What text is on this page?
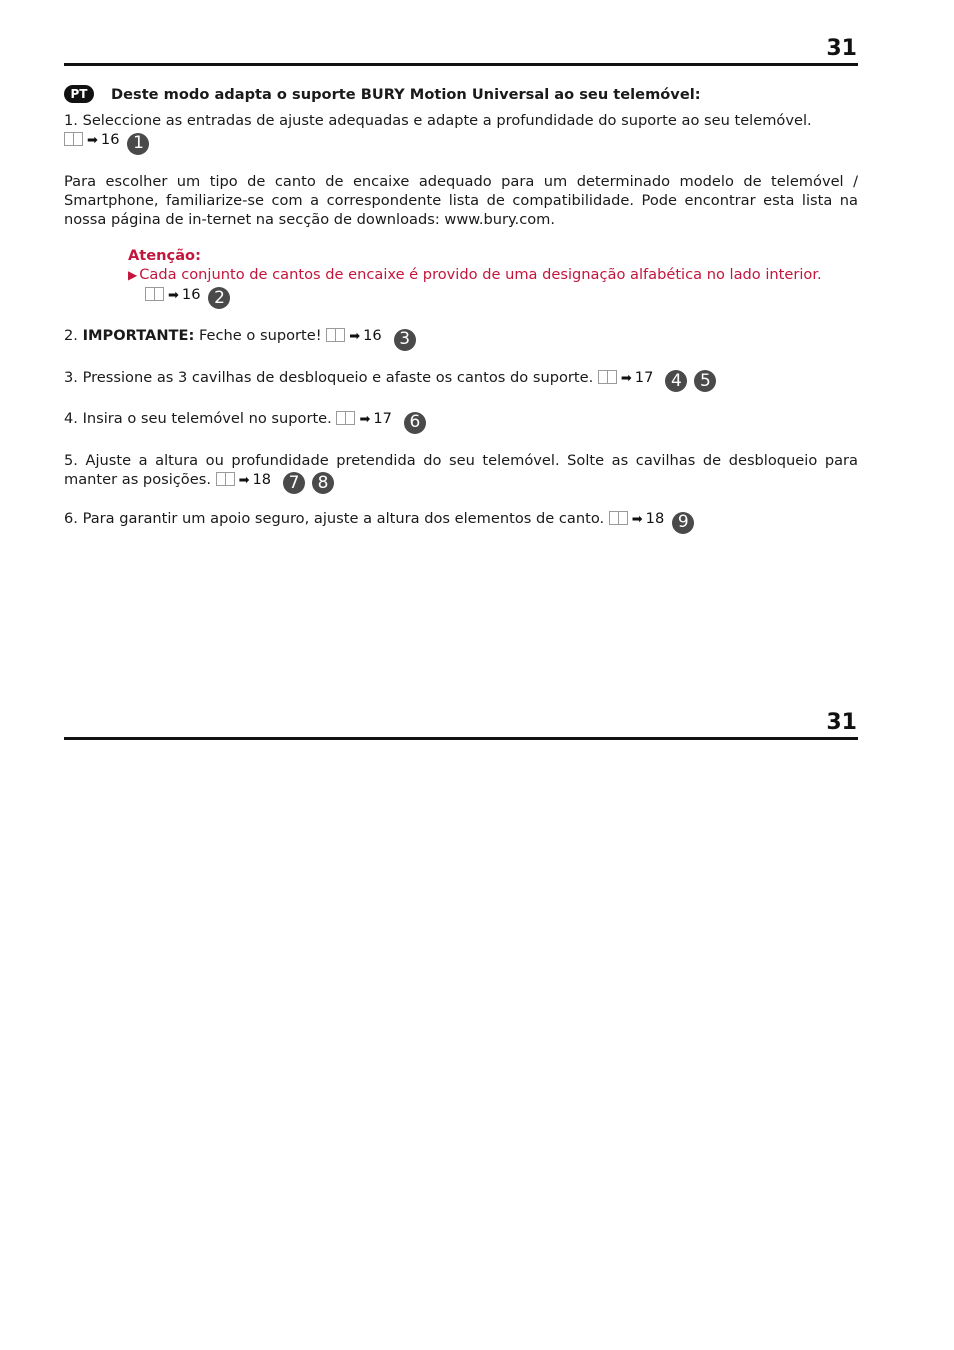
31
PT	Deste modo adapta o suporte BURY Motion Universal ao seu telemóvel:

1. Seleccione as entradas de ajuste adequadas e adapte a profundidade do suporte ao seu telemóvel.
➡ 16 1

Para escolher um tipo de canto de encaixe adequado para um determinado modelo de telemóvel / Smartphone, familiarize-se com a correspondente lista de compatibilidade. Pode encontrar esta lista na nossa página de in-ternet na secção de downloads: www.bury.com.

Atenção:
▶ Cada conjunto de cantos de encaixe é provido de uma designação alfabética no lado interior.
➡ 16 2

2. IMPORTANTE: Feche o suporte! ➡ 16 3

3. Pressione as 3 cavilhas de desbloqueio e afaste os cantos do suporte. ➡ 17 4 5

4. Insira o seu telemóvel no suporte. ➡ 17 6

5. Ajuste a altura ou profundidade pretendida do seu telemóvel. Solte as cavilhas de desbloqueio para manter as posições. ➡ 18 7 8

6. Para garantir um apoio seguro, ajuste a altura dos elementos de canto. ➡ 18 9

31
